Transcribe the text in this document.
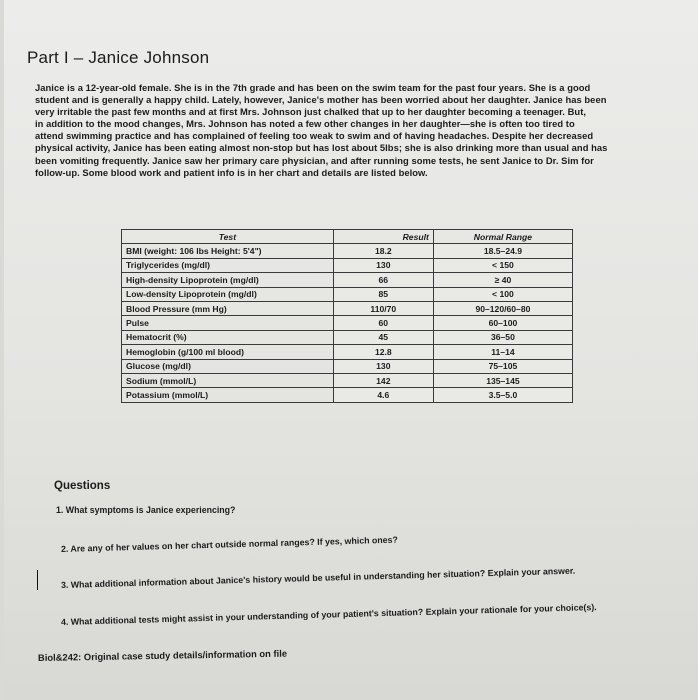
Part I – Janice Johnson
Janice is a 12-year-old female. She is in the 7th grade and has been on the swim team for the past four years. She is a good
student and is generally a happy child. Lately, however, Janice's mother has been worried about her daughter. Janice has been
very irritable the past few months and at first Mrs. Johnson just chalked that up to her daughter becoming a teenager. But,
in addition to the mood changes, Mrs. Johnson has noted a few other changes in her daughter—she is often too tired to
attend swimming practice and has complained of feeling too weak to swim and of having headaches. Despite her decreased
physical activity, Janice has been eating almost non-stop but has lost about 5lbs; she is also drinking more than usual and has
been vomiting frequently. Janice saw her primary care physician, and after running some tests, he sent Janice to Dr. Sim for
follow-up. Some blood work and patient info is in her chart and details are listed below.
Test	Result	Normal Range
BMI (weight: 106 lbs Height: 5'4")	18.2	18.5–24.9
Triglycerides (mg/dl)	130	< 150
High-density Lipoprotein (mg/dl)	66	≥ 40
Low-density Lipoprotein (mg/dl)	85	< 100
Blood Pressure (mm Hg)	110/70	90–120/60–80
Pulse	60	60–100
Hematocrit (%)	45	36–50
Hemoglobin (g/100 ml blood)	12.8	11–14
Glucose (mg/dl)	130	75–105
Sodium (mmol/L)	142	135–145
Potassium (mmol/L)	4.6	3.5–5.0
Questions
1. What symptoms is Janice experiencing?
2. Are any of her values on her chart outside normal ranges? If yes, which ones?
3. What additional information about Janice's history would be useful in understanding her situation? Explain your answer.
4. What additional tests might assist in your understanding of your patient's situation? Explain your rationale for your choice(s).
Biol&242: Original case study details/information on file
